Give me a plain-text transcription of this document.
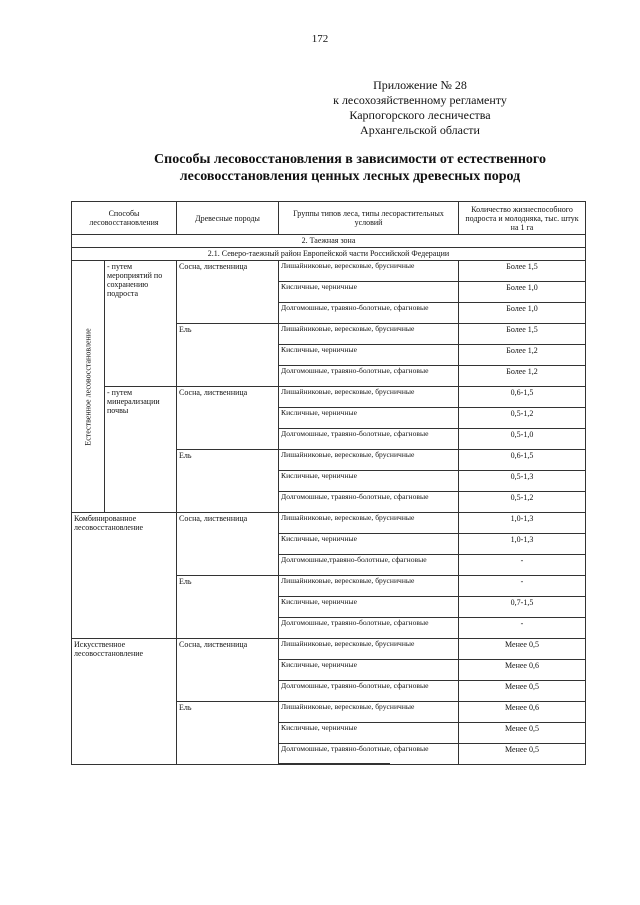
172
Приложение № 28
к лесохозяйственному регламенту
Карпогорского лесничества
Архангельской области
Способы лесовосстановления в зависимости от естественного
лесовосстановления ценных лесных древесных пород
Способы лесовосстановления		Древесные породы	Группы типов леса, типы лесорастительных условий	Количество жизнеспособного подроста и молодняка, тыс. штук на 1 га
2. Таежная зона				
2.1. Северо-таежный район Европейской части Российской Федерации				

Естественное лесовосстановление	- путем мероприятий по сохранению подроста	Сосна, лиственница	Лишайниковые, вересковые, брусничные	Более 1,5
			Кисличные, черничные	Более 1,0
			Долгомошные, травяно-болотные, сфагновые	Более 1,0
		Ель	Лишайниковые, вересковые, брусничные	Более 1,5
			Кисличные, черничные	Более 1,2
			Долгомошные, травяно-болотные, сфагновые	Более 1,2
	- путем минерализации почвы	Сосна, лиственница	Лишайниковые, вересковые, брусничные	0,6-1,5
			Кисличные, черничные	0,5-1,2
			Долгомошные, травяно-болотные, сфагновые	0,5-1,0
		Ель	Лишайниковые, вересковые, брусничные	0,6-1,5
			Кисличные, черничные	0,5-1,3
			Долгомошные, травяно-болотные, сфагновые	0,5-1,2
Комбинированное лесовосстановление		Сосна, лиственница	Лишайниковые, вересковые, брусничные	1,0-1,3
			Кисличные, черничные	1,0-1,3
			Долгомошные,травяно-болотные, сфагновые	-
		Ель	Лишайниковые, вересковые, брусничные	-
			Кисличные, черничные	0,7-1,5
			Долгомошные, травяно-болотные, сфагновые	-
Искусственное лесовосстановление		Сосна, лиственница	Лишайниковые, вересковые, брусничные	Менее 0,5
			Кисличные, черничные	Менее 0,6
			Долгомошные, травяно-болотные, сфагновые	Менее 0,5
		Ель	Лишайниковые, вересковые, брусничные	Менее 0,6
			Кисличные, черничные	Менее 0,5
			Долгомошные, травяно-болотные, сфагновые	Менее 0,5
